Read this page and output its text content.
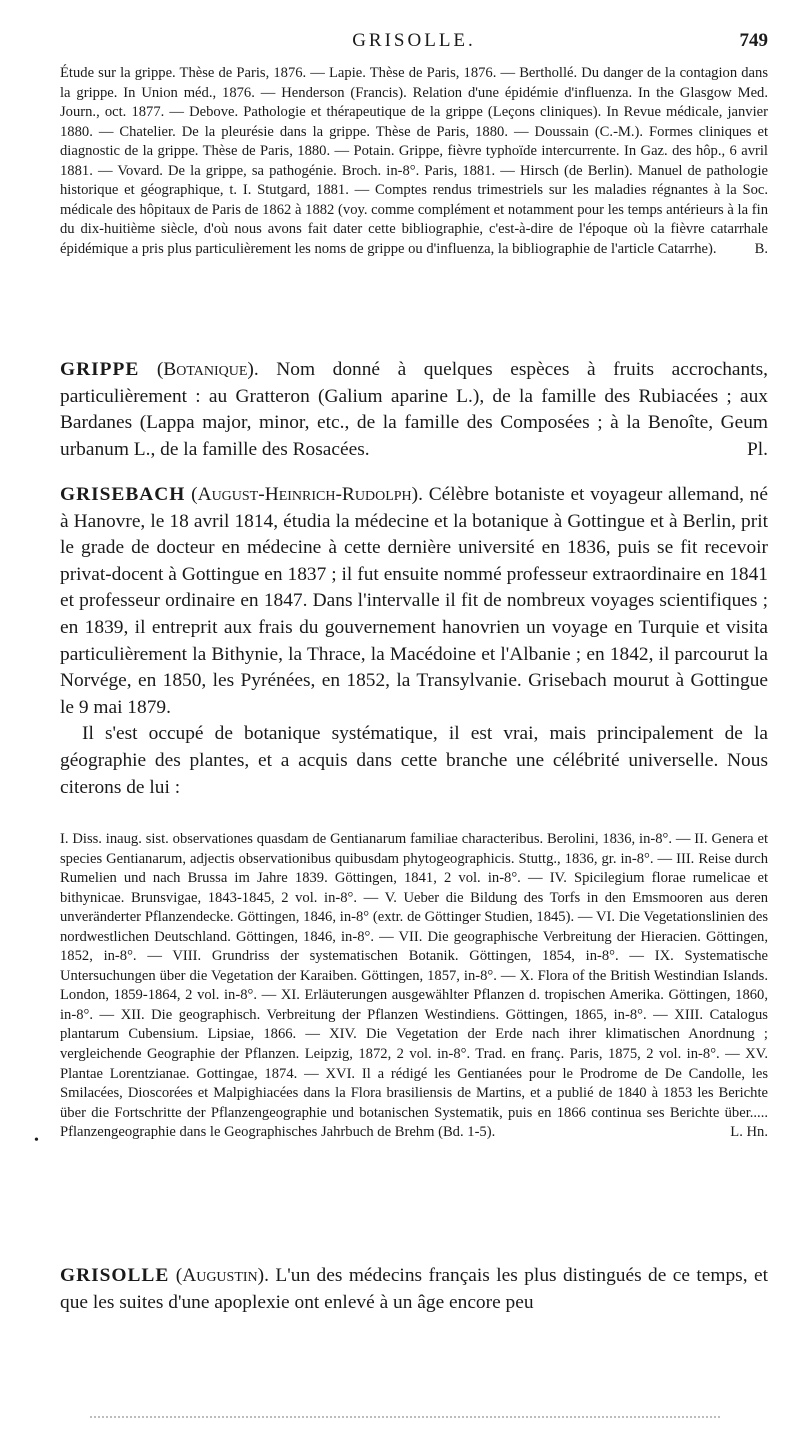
GRISOLLE.	749

Étude sur la grippe. Thèse de Paris, 1876. — Lapie. Thèse de Paris, 1876. — Berthollé. Du danger de la contagion dans la grippe. In Union méd., 1876. — Henderson (Francis). Relation d'une épidémie d'influenza. In the Glasgow Med. Journ., oct. 1877. — Debove. Pathologie et thérapeutique de la grippe (Leçons cliniques). In Revue médicale, janvier 1880. — Chatelier. De la pleurésie dans la grippe. Thèse de Paris, 1880. — Doussain (C.-M.). Formes cliniques et diagnostic de la grippe. Thèse de Paris, 1880. — Potain. Grippe, fièvre typhoïde intercurrente. In Gaz. des hôp., 6 avril 1881. — Vovard. De la grippe, sa pathogénie. Broch. in-8°. Paris, 1881. — Hirsch (de Berlin). Manuel de pathologie historique et géographique, t. I. Stutgard, 1881. — Comptes rendus trimestriels sur les maladies régnantes à la Soc. médicale des hôpitaux de Paris de 1862 à 1882 (voy. comme complément et notamment pour les temps antérieurs à la fin du dix-huitième siècle, d'où nous avons fait dater cette bibliographie, c'est-à-dire de l'époque où la fièvre catarrhale épidémique a pris plus particulièrement les noms de grippe ou d'influenza, la bibliographie de l'article Catarrhe).	B.

GRIPPE (Botanique). Nom donné à quelques espèces à fruits accrochants, particulièrement : au Gratteron (Galium aparine L.), de la famille des Rubiacées ; aux Bardanes (Lappa major, minor, etc., de la famille des Composées ; à la Benoîte, Geum urbanum L., de la famille des Rosacées.	Pl.

GRISEBACH (August-Heinrich-Rudolph). Célèbre botaniste et voyageur allemand, né à Hanovre, le 18 avril 1814, étudia la médecine et la botanique à Gottingue et à Berlin, prit le grade de docteur en médecine à cette dernière université en 1836, puis se fit recevoir privat-docent à Gottingue en 1837 ; il fut ensuite nommé professeur extraordinaire en 1841 et professeur ordinaire en 1847. Dans l'intervalle il fit de nombreux voyages scientifiques ; en 1839, il entreprit aux frais du gouvernement hanovrien un voyage en Turquie et visita particulièrement la Bithynie, la Thrace, la Macédoine et l'Albanie ; en 1842, il parcourut la Norvége, en 1850, les Pyrénées, en 1852, la Transylvanie. Grisebach mourut à Gottingue le 9 mai 1879.

Il s'est occupé de botanique systématique, il est vrai, mais principalement de la géographie des plantes, et a acquis dans cette branche une célébrité universelle. Nous citerons de lui :

I. Diss. inaug. sist. observationes quasdam de Gentianarum familiae characteribus. Berolini, 1836, in-8°. — II. Genera et species Gentianarum, adjectis observationibus quibusdam phytogeographicis. Stuttg., 1836, gr. in-8°. — III. Reise durch Rumelien und nach Brussa im Jahre 1839. Göttingen, 1841, 2 vol. in-8°. — IV. Spicilegium florae rumelicae et bithynicae. Brunsvigae, 1843-1845, 2 vol. in-8°. — V. Ueber die Bildung des Torfs in den Emsmooren aus deren unveränderter Pflanzendecke. Göttingen, 1846, in-8° (extr. de Göttinger Studien, 1845). — VI. Die Vegetationslinien des nordwestlichen Deutschland. Göttingen, 1846, in-8°. — VII. Die geographische Verbreitung der Hieracien. Göttingen, 1852, in-8°. — VIII. Grundriss der systematischen Botanik. Göttingen, 1854, in-8°. — IX. Systematische Untersuchungen über die Vegetation der Karaiben. Göttingen, 1857, in-8°. — X. Flora of the British Westindian Islands. London, 1859-1864, 2 vol. in-8°. — XI. Erläuterungen ausgewählter Pflanzen d. tropischen Amerika. Göttingen, 1860, in-8°. — XII. Die geographisch. Verbreitung der Pflanzen Westindiens. Göttingen, 1865, in-8°. — XIII. Catalogus plantarum Cubensium. Lipsiae, 1866. — XIV. Die Vegetation der Erde nach ihrer klimatischen Anordnung ; vergleichende Geographie der Pflanzen. Leipzig, 1872, 2 vol. in-8°. Trad. en franç. Paris, 1875, 2 vol. in-8°. — XV. Plantae Lorentzianae. Gottingae, 1874. — XVI. Il a rédigé les Gentianées pour le Prodrome de De Candolle, les Smilacées, Dioscorées et Malpighiacées dans la Flora brasiliensis de Martins, et a publié de 1840 à 1853 les Berichte über die Fortschritte der Pflanzengeographie und botanischen Systematik, puis en 1866 continua ses Berichte über..... Pflanzengeographie dans le Geographisches Jahrbuch de Brehm (Bd. 1-5).	L. Hn.

•

GRISOLLE (Augustin). L'un des médecins français les plus distingués de ce temps, et que les suites d'une apoplexie ont enlevé à un âge encore peu
